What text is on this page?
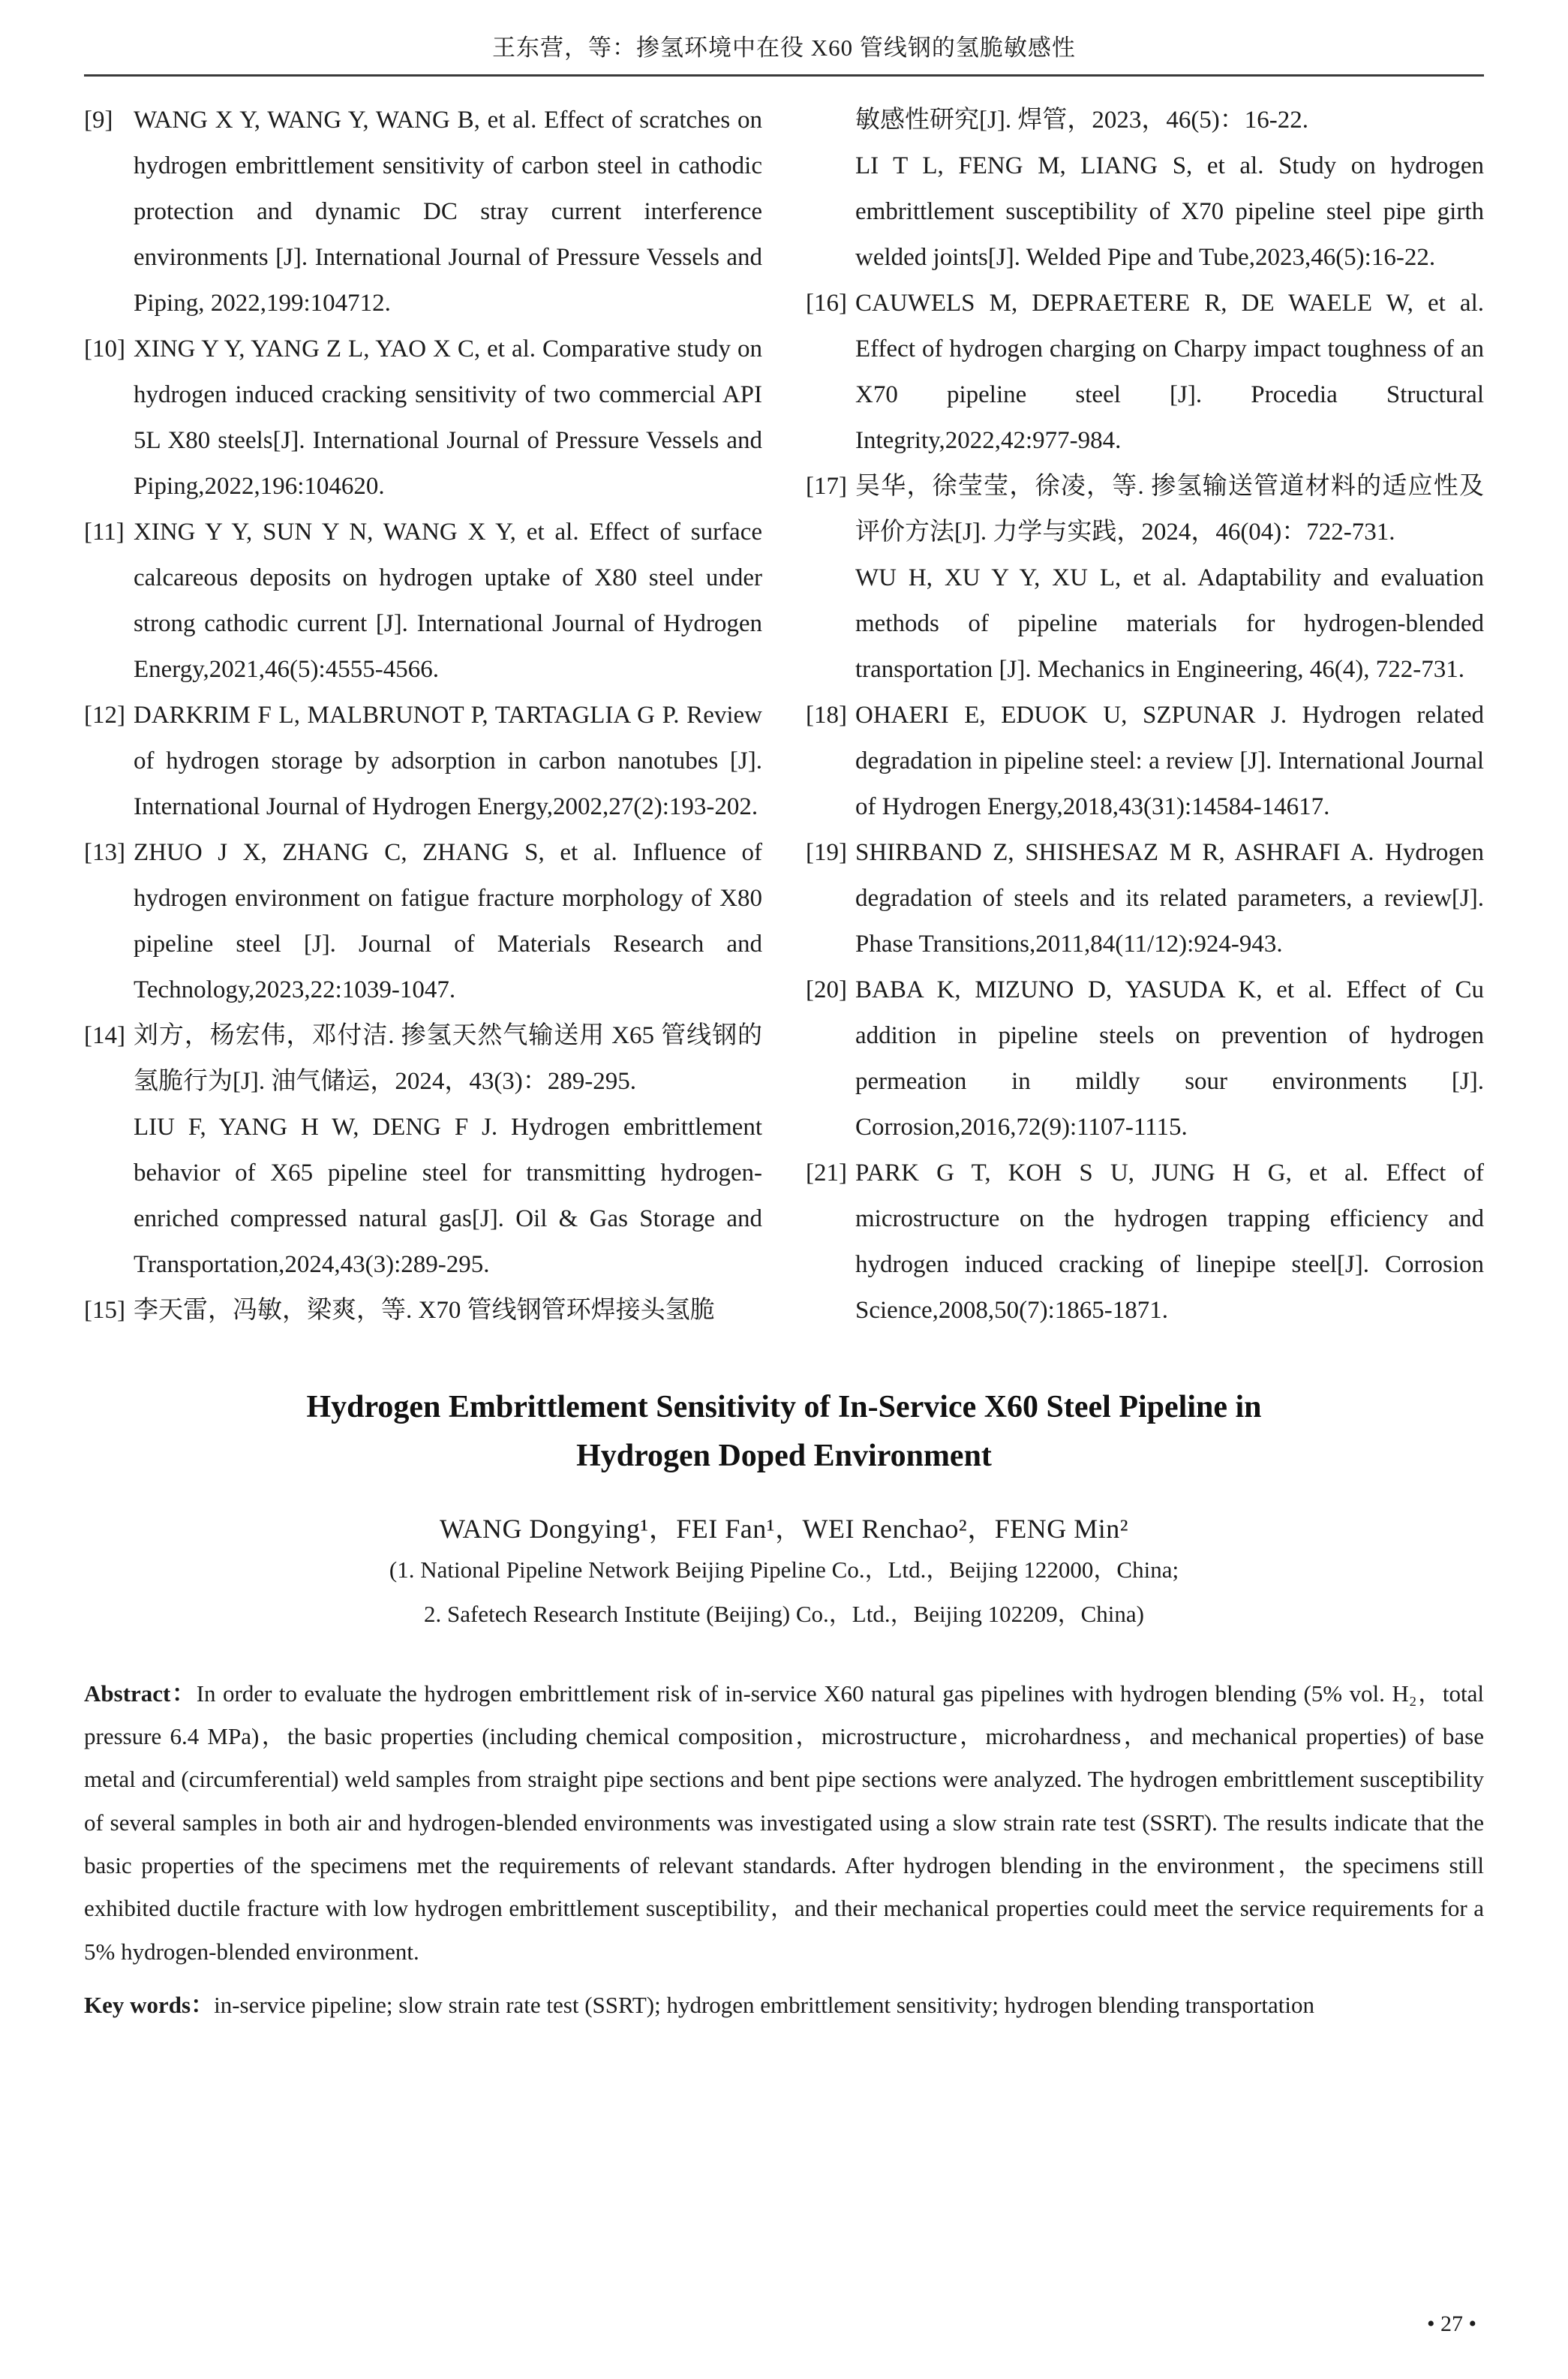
王东营，等：掺氢环境中在役 X60 管线钢的氢脆敏感性
[9] WANG X Y, WANG Y, WANG B, et al. Effect of scratches on hydrogen embrittlement sensitivity of carbon steel in cathodic protection and dynamic DC stray current interference environments [J]. International Journal of Pressure Vessels and Piping, 2022,199:104712.
[10] XING Y Y, YANG Z L, YAO X C, et al. Comparative study on hydrogen induced cracking sensitivity of two commercial API 5L X80 steels[J]. International Journal of Pressure Vessels and Piping,2022,196:104620.
[11] XING Y Y, SUN Y N, WANG X Y, et al. Effect of surface calcareous deposits on hydrogen uptake of X80 steel under strong cathodic current [J]. International Journal of Hydrogen Energy,2021,46(5):4555-4566.
[12] DARKRIM F L, MALBRUNOT P, TARTAGLIA G P. Review of hydrogen storage by adsorption in carbon nanotubes [J]. International Journal of Hydrogen Energy,2002,27(2):193-202.
[13] ZHUO J X, ZHANG C, ZHANG S, et al. Influence of hydrogen environment on fatigue fracture morphology of X80 pipeline steel [J]. Journal of Materials Research and Technology,2023,22:1039-1047.
[14] 刘方，杨宏伟，邓付洁. 掺氢天然气输送用 X65 管线钢的氢脆行为[J]. 油气储运，2024，43(3)：289-295.
LIU F, YANG H W, DENG F J. Hydrogen embrittlement behavior of X65 pipeline steel for transmitting hydrogen-enriched compressed natural gas[J]. Oil & Gas Storage and Transportation,2024,43(3):289-295.
[15] 李天雷，冯敏，梁爽，等. X70 管线钢管环焊接头氢脆
敏感性研究[J]. 焊管，2023，46(5)：16-22.
LI T L, FENG M, LIANG S, et al. Study on hydrogen embrittlement susceptibility of X70 pipeline steel pipe girth welded joints[J]. Welded Pipe and Tube,2023,46(5):16-22.
[16] CAUWELS M, DEPRAETERE R, DE WAELE W, et al. Effect of hydrogen charging on Charpy impact toughness of an X70 pipeline steel [J]. Procedia Structural Integrity,2022,42:977-984.
[17] 吴华，徐莹莹，徐凌，等. 掺氢输送管道材料的适应性及评价方法[J]. 力学与实践，2024，46(04)：722-731.
WU H, XU Y Y, XU L, et al. Adaptability and evaluation methods of pipeline materials for hydrogen-blended transportation [J]. Mechanics in Engineering, 46(4), 722-731.
[18] OHAERI E, EDUOK U, SZPUNAR J. Hydrogen related degradation in pipeline steel: a review [J]. International Journal of Hydrogen Energy,2018,43(31):14584-14617.
[19] SHIRBAND Z, SHISHESAZ M R, ASHRAFI A. Hydrogen degradation of steels and its related parameters, a review[J]. Phase Transitions,2011,84(11/12):924-943.
[20] BABA K, MIZUNO D, YASUDA K, et al. Effect of Cu addition in pipeline steels on prevention of hydrogen permeation in mildly sour environments [J]. Corrosion,2016,72(9):1107-1115.
[21] PARK G T, KOH S U, JUNG H G, et al. Effect of microstructure on the hydrogen trapping efficiency and hydrogen induced cracking of linepipe steel[J]. Corrosion Science,2008,50(7):1865-1871.
Hydrogen Embrittlement Sensitivity of In-Service X60 Steel Pipeline in
Hydrogen Doped Environment
WANG Dongying¹，FEI Fan¹，WEI Renchao²，FENG Min²
(1. National Pipeline Network Beijing Pipeline Co.，Ltd.，Beijing 122000，China;
2. Safetech Research Institute (Beijing) Co.，Ltd.，Beijing 102209，China)

Abstract：In order to evaluate the hydrogen embrittlement risk of in-service X60 natural gas pipelines with hydrogen blending (5% vol. H₂，total pressure 6.4 MPa)，the basic properties (including chemical composition，microstructure，microhardness，and mechanical properties) of base metal and (circumferential) weld samples from straight pipe sections and bent pipe sections were analyzed. The hydrogen embrittlement susceptibility of several samples in both air and hydrogen-blended environments was investigated using a slow strain rate test (SSRT). The results indicate that the basic properties of the specimens met the requirements of relevant standards. After hydrogen blending in the environment，the specimens still exhibited ductile fracture with low hydrogen embrittlement susceptibility，and their mechanical properties could meet the service requirements for a 5% hydrogen-blended environment.

Key words：in-service pipeline; slow strain rate test (SSRT); hydrogen embrittlement sensitivity; hydrogen blending transportation

• 27 •
